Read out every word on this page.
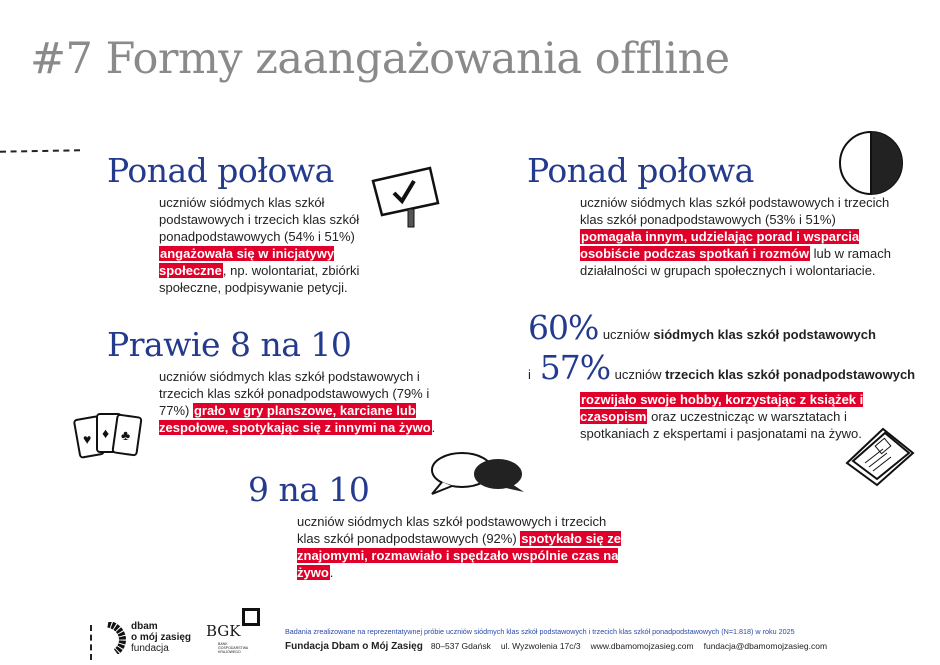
#7 Formy zaangażowania offline
Ponad połowa
uczniów siódmych klas szkół podstawowych i trzecich klas szkół ponadpodstawowych (54% i 51%) angażowała się w inicjatywy społeczne, np. wolontariat, zbiórki społeczne, podpisywanie petycji.
Ponad połowa
uczniów siódmych klas szkół podstawowych i trzecich klas szkół ponadpodstawowych (53% i 51%) pomagała innym, udzielając porad i wsparcia osobiście podczas spotkań i rozmów lub w ramach działalności w grupach społecznych i wolontariacie.
Prawie 8 na 10
uczniów siódmych klas szkół podstawowych i trzecich klas szkół ponadpodstawowych (79% i 77%) grało w gry planszowe, karciane lub zespołowe, spotykając się z innymi na żywo.
♥ ♦ ♣
60% uczniów siódmych klas szkół podstawowych
i 57% uczniów trzecich klas szkół ponadpodstawowych
rozwijało swoje hobby, korzystając z książek i czasopism oraz uczestnicząc w warsztatach i spotkaniach z ekspertami i pasjonatami na żywo.
9 na 10
uczniów siódmych klas szkół podstawowych i trzecich klas szkół ponadpodstawowych (92%) spotykało się ze znajomymi, rozmawiało i spędzało wspólnie czas na żywo.
dbam
o mój zasięg
fundacja
BGK
BANK GOSPODARSTWA KRAJOWEGO
Badania zrealizowane na reprezentatywnej próbie uczniów siódmych klas szkół podstawowych i trzecich klas szkół ponadpodstawowych (N=1.818) w roku 2025
Fundacja Dbam o Mój Zasięg 80–537 Gdańsk ul. Wyzwolenia 17c/3 www.dbamomojzasieg.com fundacja@dbamomojzasieg.com
